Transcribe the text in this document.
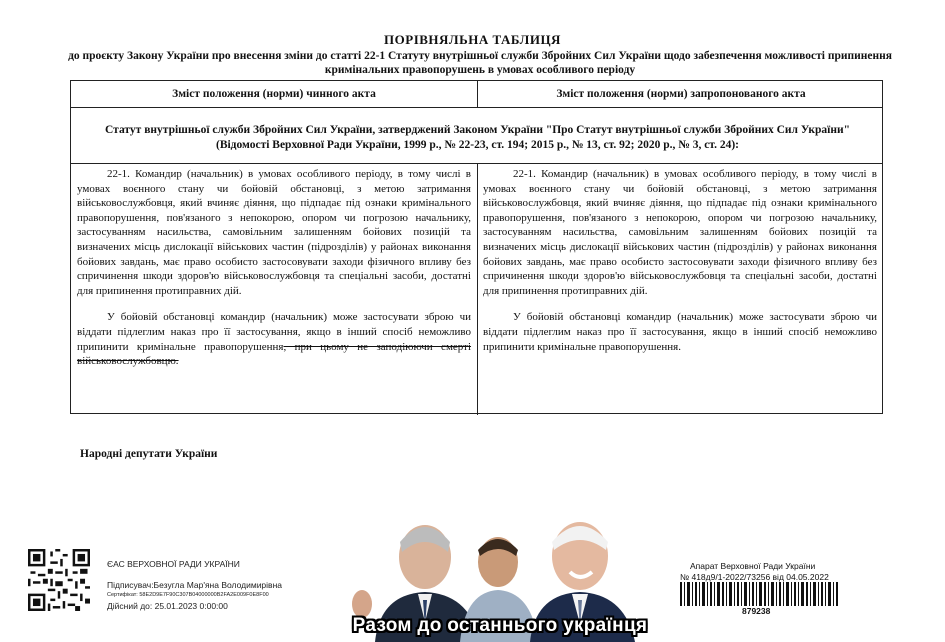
ПОРІВНЯЛЬНА ТАБЛИЦЯ
до проєкту Закону України про внесення зміни до статті 22-1 Статуту внутрішньої служби Збройних Сил України щодо забезпечення можливості припинення кримінальних правопорушень в умовах особливого періоду
Зміст положення (норми) чинного акта	Зміст положення (норми) запропонованого акта
Статут внутрішньої служби Збройних Сил України, затверджений Законом України "Про Статут внутрішньої служби Збройних Сил України" (Відомості Верховної Ради України, 1999 р., № 22-23, ст. 194; 2015 р., № 13, ст. 92; 2020 р., № 3, ст. 24):

22-1. Командир (начальник) в умовах особливого періоду, в тому числі в умовах воєнного стану чи бойовій обстановці, з метою затримання військовослужбовця, який вчиняє діяння, що підпадає під ознаки кримінального правопорушення, пов'язаного з непокорою, опором чи погрозою начальнику, застосуванням насильства, самовільним залишенням бойових позицій та визначених місць дислокації військових частин (підрозділів) у районах виконання бойових завдань, має право особисто застосовувати заходи фізичного впливу без спричинення шкоди здоров'ю військовослужбовця та спеціальні засоби, достатні для припинення протиправних дій.

У бойовій обстановці командир (начальник) може застосувати зброю чи віддати підлеглим наказ про її застосування, якщо в інший спосіб неможливо припинити кримінальне правопорушення, при цьому не заподіюючи смерті військовослужбовцю.

22-1. Командир (начальник) в умовах особливого періоду, в тому числі в умовах воєнного стану чи бойовій обстановці, з метою затримання військовослужбовця, який вчиняє діяння, що підпадає під ознаки кримінального правопорушення, пов'язаного з непокорою, опором чи погрозою начальнику, застосуванням насильства, самовільним залишенням бойових позицій та визначених місць дислокації військових частин (підрозділів) у районах виконання бойових завдань, має право особисто застосовувати заходи фізичного впливу без спричинення шкоди здоров'ю військовослужбовця та спеціальні засоби, достатні для припинення протиправних дій.

У бойовій обстановці командир (начальник) може застосувати зброю чи віддати підлеглим наказ про її застосування, якщо в інший спосіб неможливо припинити кримінальне правопорушення.

Народні депутати України
ЄАС ВЕРХОВНОЇ РАДИ УКРАЇНИ
Підписувач:Безугла Мар'яна Володимирівна
Сертифікат: 58E2D9E7F90C307B04000000B2FA2E009F0E8F00
Дійсний до: 25.01.2023 0:00:00
Разом до останнього українця
Апарат Верховної Ради України
№ 418д9/1-2022/73256 від 04.05.2022
879238
